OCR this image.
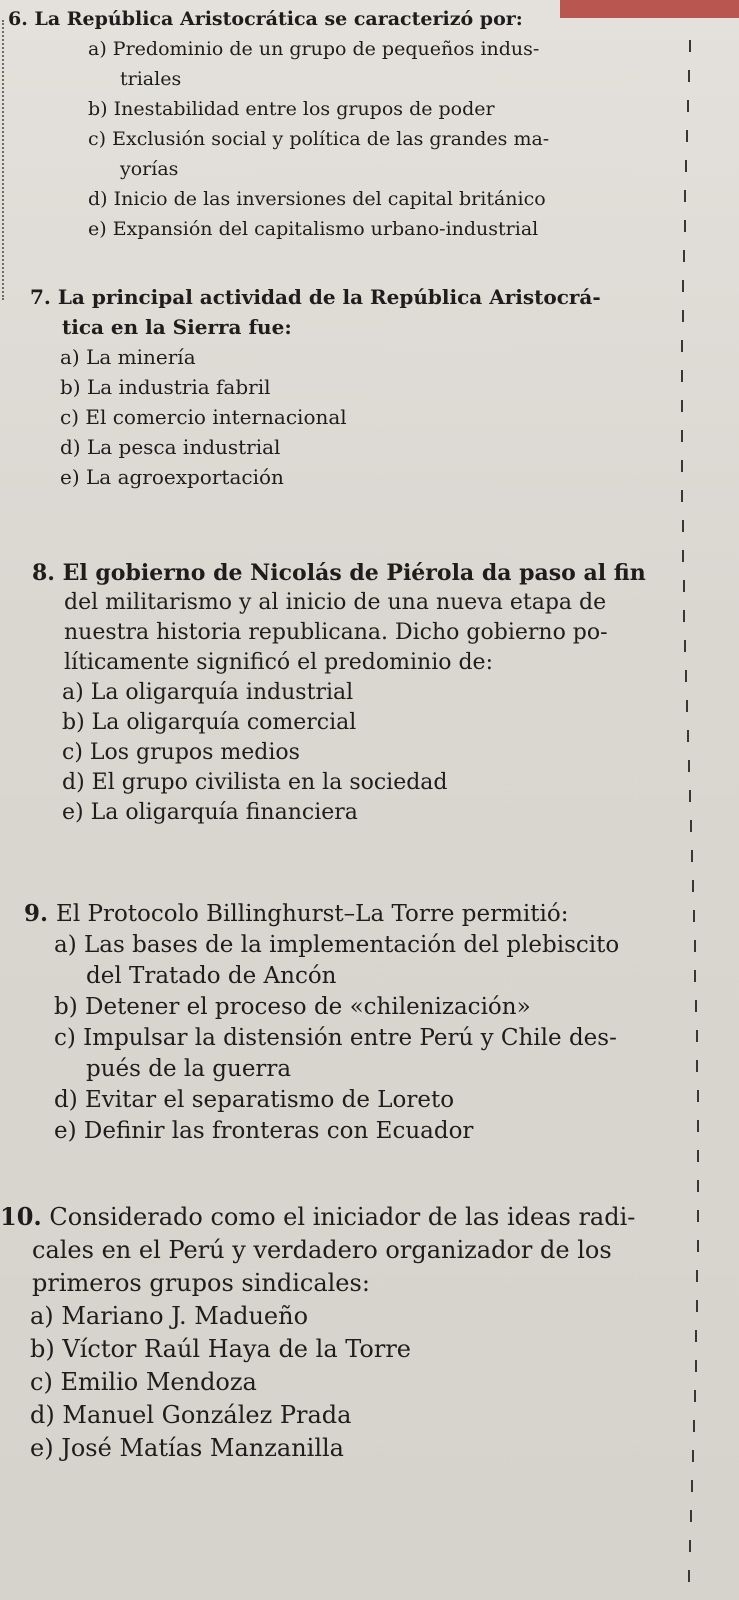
6. La República Aristocrática se caracterizó por:

a) Predominio de un grupo de pequeños indus-
triales
b) Inestabilidad entre los grupos de poder
c) Exclusión social y política de las grandes ma-
yorías
d) Inicio de las inversiones del capital británico
e) Expansión del capitalismo urbano-industrial

7. La principal actividad de la República Aristocrá-
tica en la Sierra fue:

a) La minería
b) La industria fabril
c) El comercio internacional
d) La pesca industrial
e) La agroexportación

8. El gobierno de Nicolás de Piérola da paso al fin
del militarismo y al inicio de una nueva etapa de
nuestra historia republicana. Dicho gobierno po-
líticamente significó el predominio de:

a) La oligarquía industrial
b) La oligarquía comercial
c) Los grupos medios
d) El grupo civilista en la sociedad
e) La oligarquía financiera

9. El Protocolo Billinghurst–La Torre permitió:

a) Las bases de la implementación del plebiscito
del Tratado de Ancón
b) Detener el proceso de «chilenización»
c) Impulsar la distensión entre Perú y Chile des-
pués de la guerra
d) Evitar el separatismo de Loreto
e) Definir las fronteras con Ecuador

10. Considerado como el iniciador de las ideas radi-
cales en el Perú y verdadero organizador de los
primeros grupos sindicales:

a) Mariano J. Madueño
b) Víctor Raúl Haya de la Torre
c) Emilio Mendoza
d) Manuel González Prada
e) José Matías Manzanilla
